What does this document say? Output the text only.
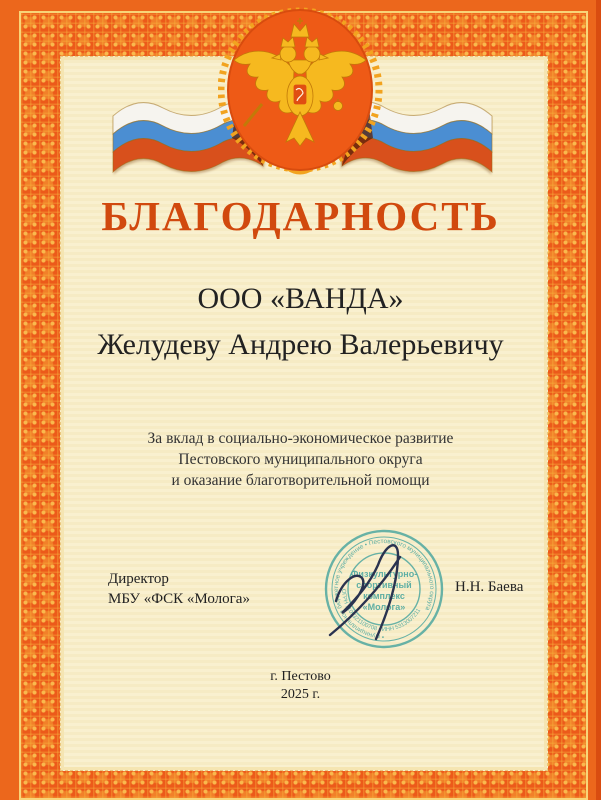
БЛАГОДАРНОСТЬ
ООО «ВАНДА»
Желудеву Андрею Валерьевичу
За вклад в социально-экономическое развитие
Пестовского муниципального округа
и оказание благотворительной помощи
Директор
МБУ «ФСК «Молога»
Н.Н. Баева
• муниципальное бюджетное учреждение • Пестовского муниципального округа
ОГРН 1105321100708 • ИНН 5313007211
Физкультурно-
спортивный
комплекс
«Молога»
г. Пестово
2025 г.
